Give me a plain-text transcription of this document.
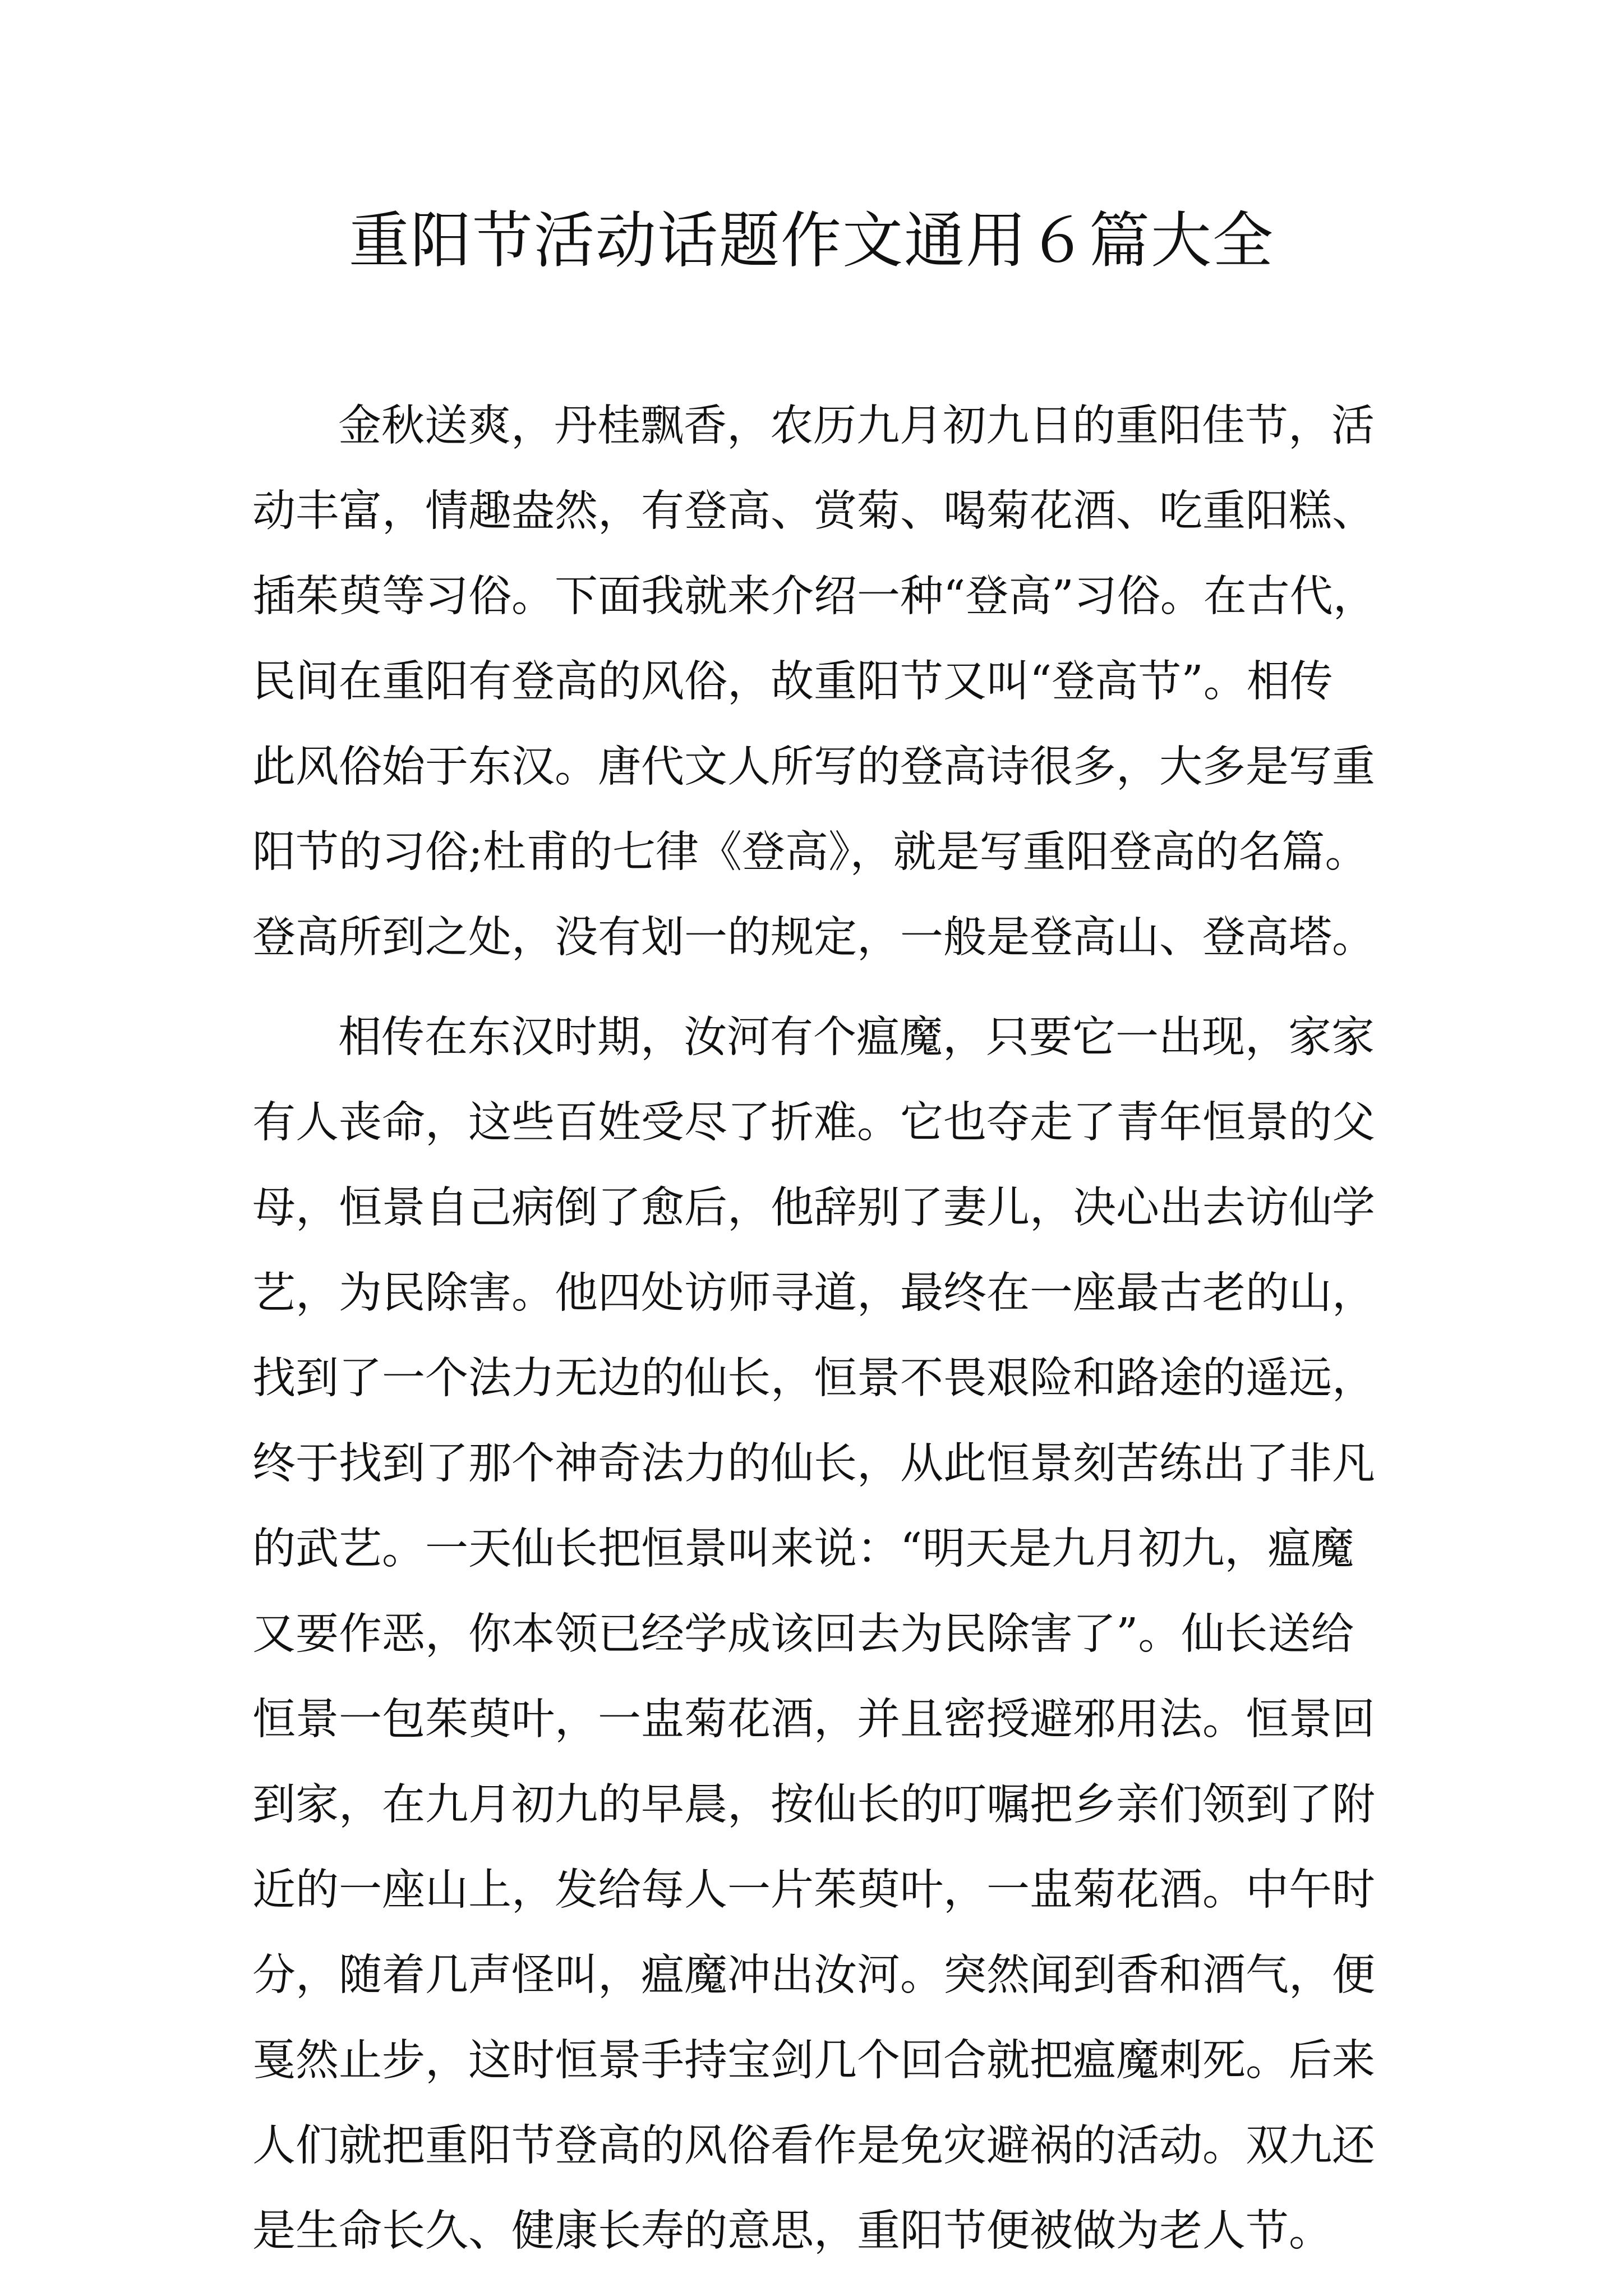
重阳节活动话题作文通用６篇大全
金秋送爽，丹桂飘香，农历九月初九日的重阳佳节，活
动丰富，情趣盎然，有登高、赏菊、喝菊花酒、吃重阳糕、
插茱萸等习俗。下面我就来介绍一种“登高”习俗。在古代，
民间在重阳有登高的风俗，故重阳节又叫“登高节”。相传
此风俗始于东汉。唐代文人所写的登高诗很多，大多是写重
阳节的习俗;杜甫的七律《登高》，就是写重阳登高的名篇。
登高所到之处，没有划一的规定，一般是登高山、登高塔。
相传在东汉时期，汝河有个瘟魔，只要它一出现，家家
有人丧命，这些百姓受尽了折难。它也夺走了青年恒景的父
母，恒景自己病倒了愈后，他辞别了妻儿，决心出去访仙学
艺，为民除害。他四处访师寻道，最终在一座最古老的山，
找到了一个法力无边的仙长，恒景不畏艰险和路途的遥远，
终于找到了那个神奇法力的仙长，从此恒景刻苦练出了非凡
的武艺。一天仙长把恒景叫来说：“明天是九月初九，瘟魔
又要作恶，你本领已经学成该回去为民除害了”。仙长送给
恒景一包茱萸叶，一盅菊花酒，并且密授避邪用法。恒景回
到家，在九月初九的早晨，按仙长的叮嘱把乡亲们领到了附
近的一座山上，发给每人一片茱萸叶，一盅菊花酒。中午时
分，随着几声怪叫，瘟魔冲出汝河。突然闻到香和酒气，便
戛然止步，这时恒景手持宝剑几个回合就把瘟魔刺死。后来
人们就把重阳节登高的风俗看作是免灾避祸的活动。双九还
是生命长久、健康长寿的意思，重阳节便被做为老人节。
